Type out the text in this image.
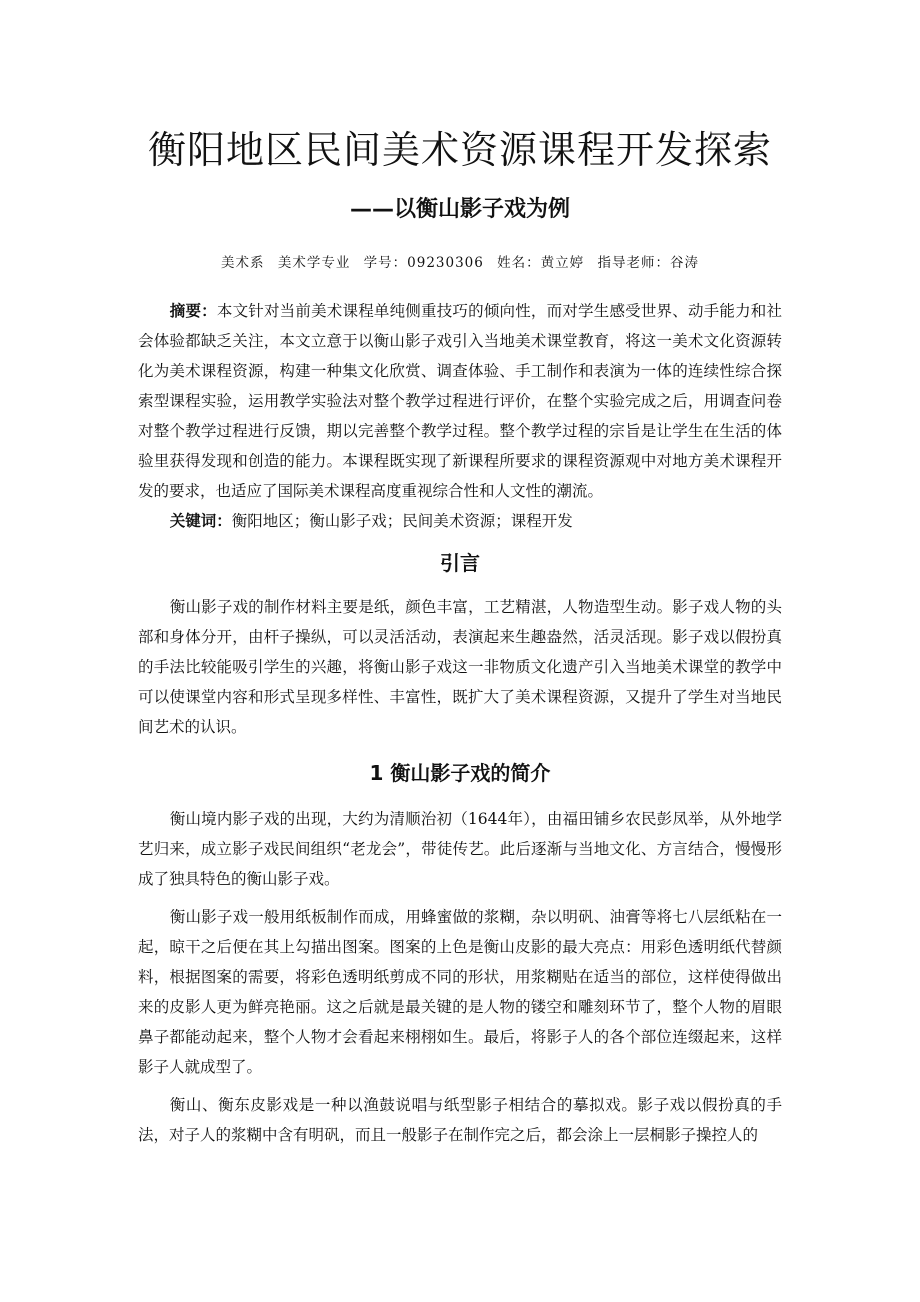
衡阳地区民间美术资源课程开发探索
——以衡山影子戏为例
美术系 美术学专业 学号：09230306 姓名：黄立婷 指导老师：谷涛

摘要：本文针对当前美术课程单纯侧重技巧的倾向性，而对学生感受世界、动手能力和社会体验都缺乏关注，本文立意于以衡山影子戏引入当地美术课堂教育，将这一美术文化资源转化为美术课程资源，构建一种集文化欣赏、调查体验、手工制作和表演为一体的连续性综合探索型课程实验，运用教学实验法对整个教学过程进行评价，在整个实验完成之后，用调查问卷对整个教学过程进行反馈，期以完善整个教学过程。整个教学过程的宗旨是让学生在生活的体验里获得发现和创造的能力。本课程既实现了新课程所要求的课程资源观中对地方美术课程开发的要求，也适应了国际美术课程高度重视综合性和人文性的潮流。

关键词：衡阳地区；衡山影子戏；民间美术资源；课程开发

引言

衡山影子戏的制作材料主要是纸，颜色丰富，工艺精湛，人物造型生动。影子戏人物的头部和身体分开，由杆子操纵，可以灵活活动，表演起来生趣盎然，活灵活现。影子戏以假扮真的手法比较能吸引学生的兴趣，将衡山影子戏这一非物质文化遗产引入当地美术课堂的教学中可以使课堂内容和形式呈现多样性、丰富性，既扩大了美术课程资源，又提升了学生对当地民间艺术的认识。

1 衡山影子戏的简介

衡山境内影子戏的出现，大约为清顺治初（1644年），由福田铺乡农民彭凤举，从外地学艺归来，成立影子戏民间组织“老龙会”，带徒传艺。此后逐渐与当地文化、方言结合，慢慢形成了独具特色的衡山影子戏。

衡山影子戏一般用纸板制作而成，用蜂蜜做的浆糊，杂以明矾、油膏等将七八层纸粘在一起，晾干之后便在其上勾描出图案。图案的上色是衡山皮影的最大亮点：用彩色透明纸代替颜料，根据图案的需要，将彩色透明纸剪成不同的形状，用浆糊贴在适当的部位，这样使得做出来的皮影人更为鲜亮艳丽。这之后就是最关键的是人物的镂空和雕刻环节了，整个人物的眉眼鼻子都能动起来，整个人物才会看起来栩栩如生。最后，将影子人的各个部位连缀起来，这样影子人就成型了。

衡山、衡东皮影戏是一种以渔鼓说唱与纸型影子相结合的摹拟戏。影子戏以假扮真的手法，对子人的浆糊中含有明矾，而且一般影子在制作完之后，都会涂上一层桐影子操控人的
